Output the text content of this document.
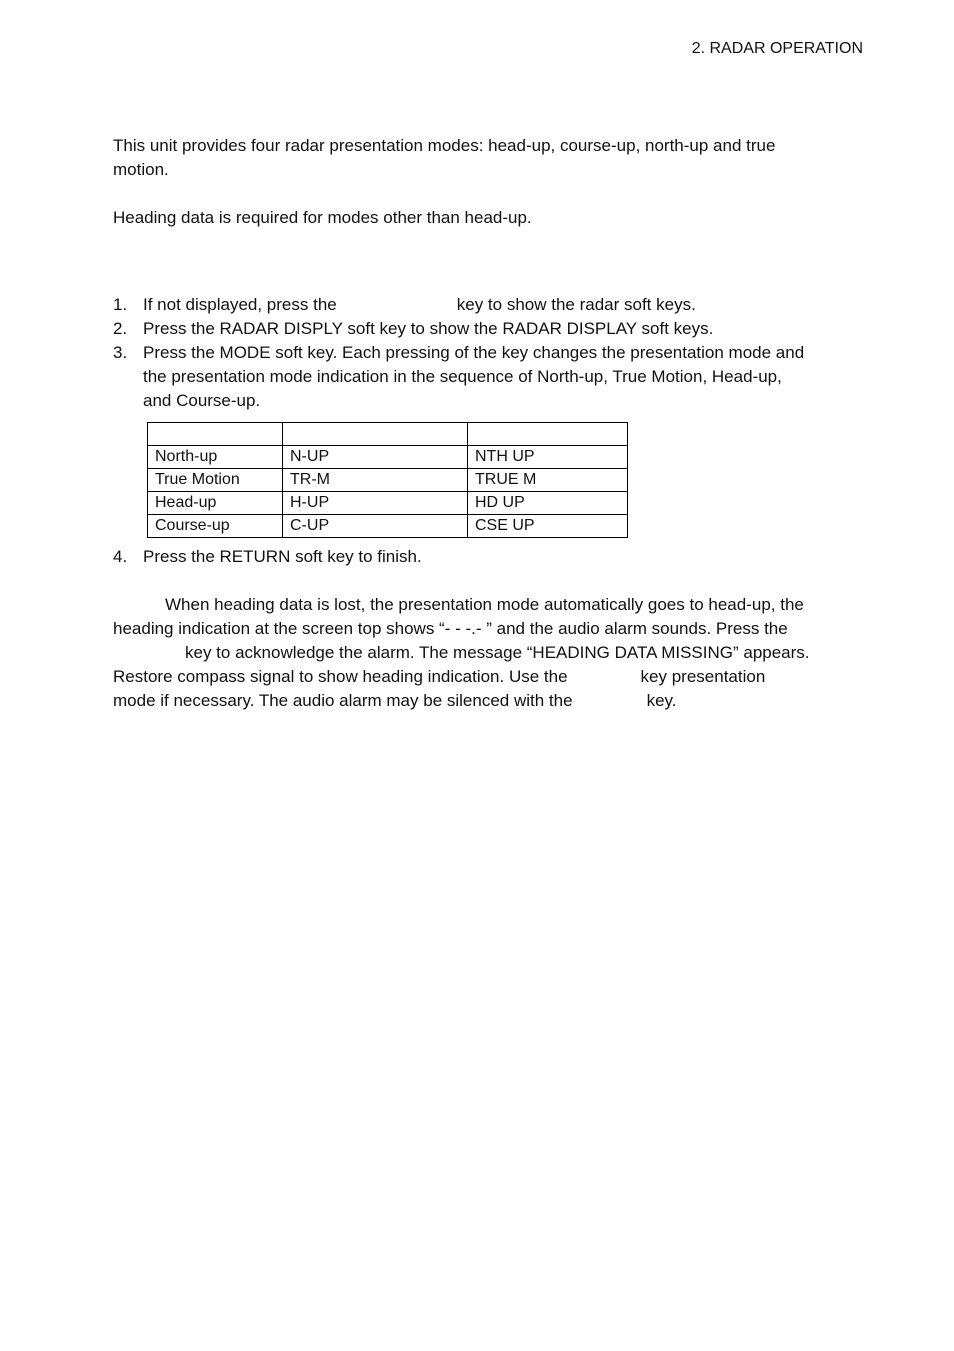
2. RADAR OPERATION
This unit provides four radar presentation modes: head-up, course-up, north-up and true
motion.
Heading data is required for modes other than head-up.
1. If not displayed, press the	key to show the radar soft keys.
2. Press the RADAR DISPLY soft key to show the RADAR DISPLAY soft keys.
3. Press the MODE soft key. Each pressing of the key changes the presentation mode and
the presentation mode indication in the sequence of North-up, True Motion, Head-up,
and Course-up.

North-up	N-UP	NTH UP
True Motion	TR-M	TRUE M
Head-up	H-UP	HD UP
Course-up	C-UP	CSE UP
4. Press the RETURN soft key to finish.
When heading data is lost, the presentation mode automatically goes to head-up, the
heading indication at the screen top shows “- - -.- ” and the audio alarm sounds. Press the
key to acknowledge the alarm. The message “HEADING DATA MISSING” appears.
Restore compass signal to show heading indication. Use the	key presentation
mode if necessary. The audio alarm may be silenced with the	key.
